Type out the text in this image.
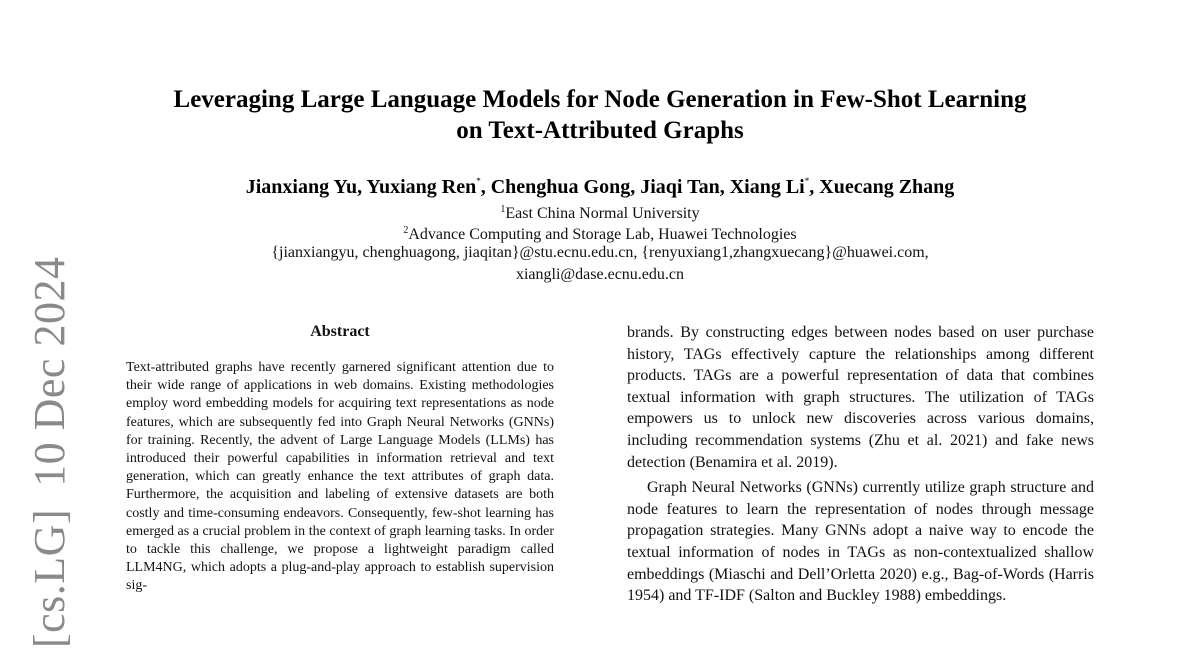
[cs.LG]10 Dec 2024
Leveraging Large Language Models for Node Generation in Few-Shot Learning
on Text-Attributed Graphs
Jianxiang Yu, Yuxiang Ren*, Chenghua Gong, Jiaqi Tan, Xiang Li*, Xuecang Zhang
$^1$East China Normal University
$^2$Advance Computing and Storage Lab, Huawei Technologies
{jianxiangyu, chenghuagong, jiaqitan}@stu.ecnu.edu.cn, {renyuxiang1,zhangxuecang}@huawei.com,
xiangli@dase.ecnu.edu.cn
Abstract
Text-attributed graphs have recently garnered significant attention due to their wide range of applications in web domains. Existing methodologies employ word embedding models for acquiring text representations as node features, which are subsequently fed into Graph Neural Networks (GNNs) for training. Recently, the advent of Large Language Models (LLMs) has introduced their powerful capabilities in information retrieval and text generation, which can greatly enhance the text attributes of graph data. Furthermore, the acquisition and labeling of extensive datasets are both costly and time-consuming endeavors. Consequently, few-shot learning has emerged as a crucial problem in the context of graph learning tasks. In order to tackle this challenge, we propose a lightweight paradigm called LLM4NG, which adopts a plug-and-play approach to establish supervision sig-

brands. By constructing edges between nodes based on user purchase history, TAGs effectively capture the relationships among different products. TAGs are a powerful representation of data that combines textual information with graph structures. The utilization of TAGs empowers us to unlock new discoveries across various domains, including recommendation systems (Zhu et al. 2021) and fake news detection (Benamira et al. 2019).

Graph Neural Networks (GNNs) currently utilize graph structure and node features to learn the representation of nodes through message propagation strategies. Many GNNs adopt a naive way to encode the textual information of nodes in TAGs as non-contextualized shallow embeddings (Miaschi and Dell’Orletta 2020) e.g., Bag-of-Words (Harris 1954) and TF-IDF (Salton and Buckley 1988) embeddings.
